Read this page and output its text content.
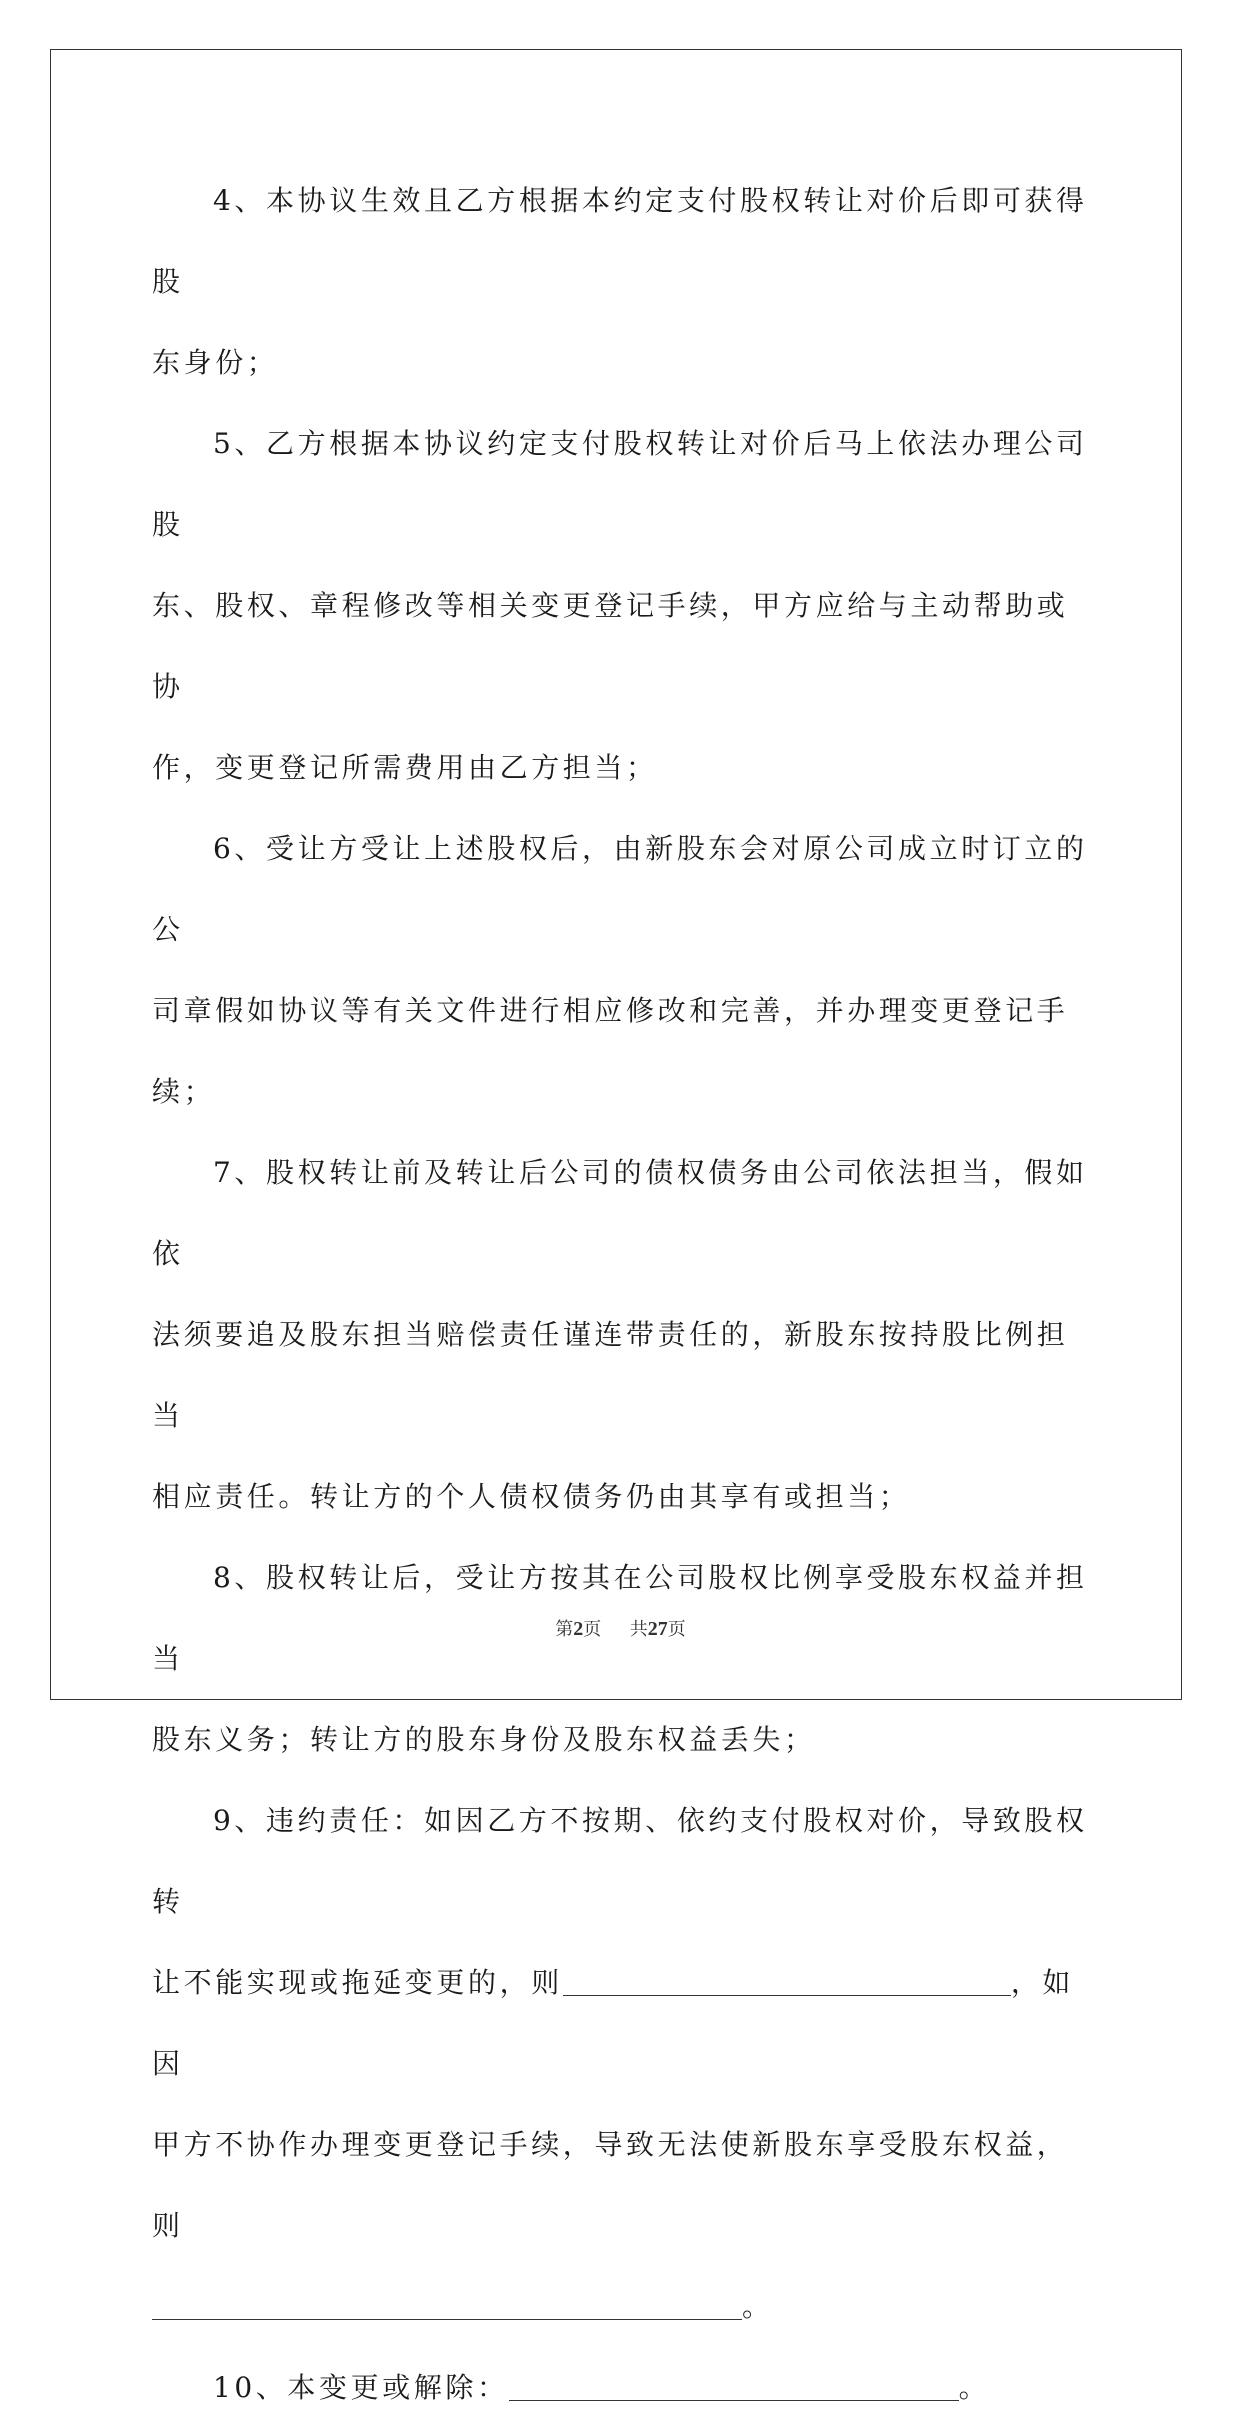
4、本协议生效且乙方根据本约定支付股权转让对价后即可获得股
东身份；

5、乙方根据本协议约定支付股权转让对价后马上依法办理公司股
东、股权、章程修改等相关变更登记手续，甲方应给与主动帮助或协
作，变更登记所需费用由乙方担当；

6、受让方受让上述股权后，由新股东会对原公司成立时订立的公
司章假如协议等有关文件进行相应修改和完善，并办理变更登记手续；

7、股权转让前及转让后公司的债权债务由公司依法担当，假如依
法须要追及股东担当赔偿责任谨连带责任的，新股东按持股比例担当
相应责任。转让方的个人债权债务仍由其享有或担当；

8、股权转让后，受让方按其在公司股权比例享受股东权益并担当
股东义务；转让方的股东身份及股东权益丢失；

9、违约责任：如因乙方不按期、依约支付股权对价，导致股权转
让不能实现或拖延变更的，则	，如因
甲方不协作办理变更登记手续，导致无法使新股东享受股东权益，则
。

10、本变更或解除：	。

第2页 共27页
